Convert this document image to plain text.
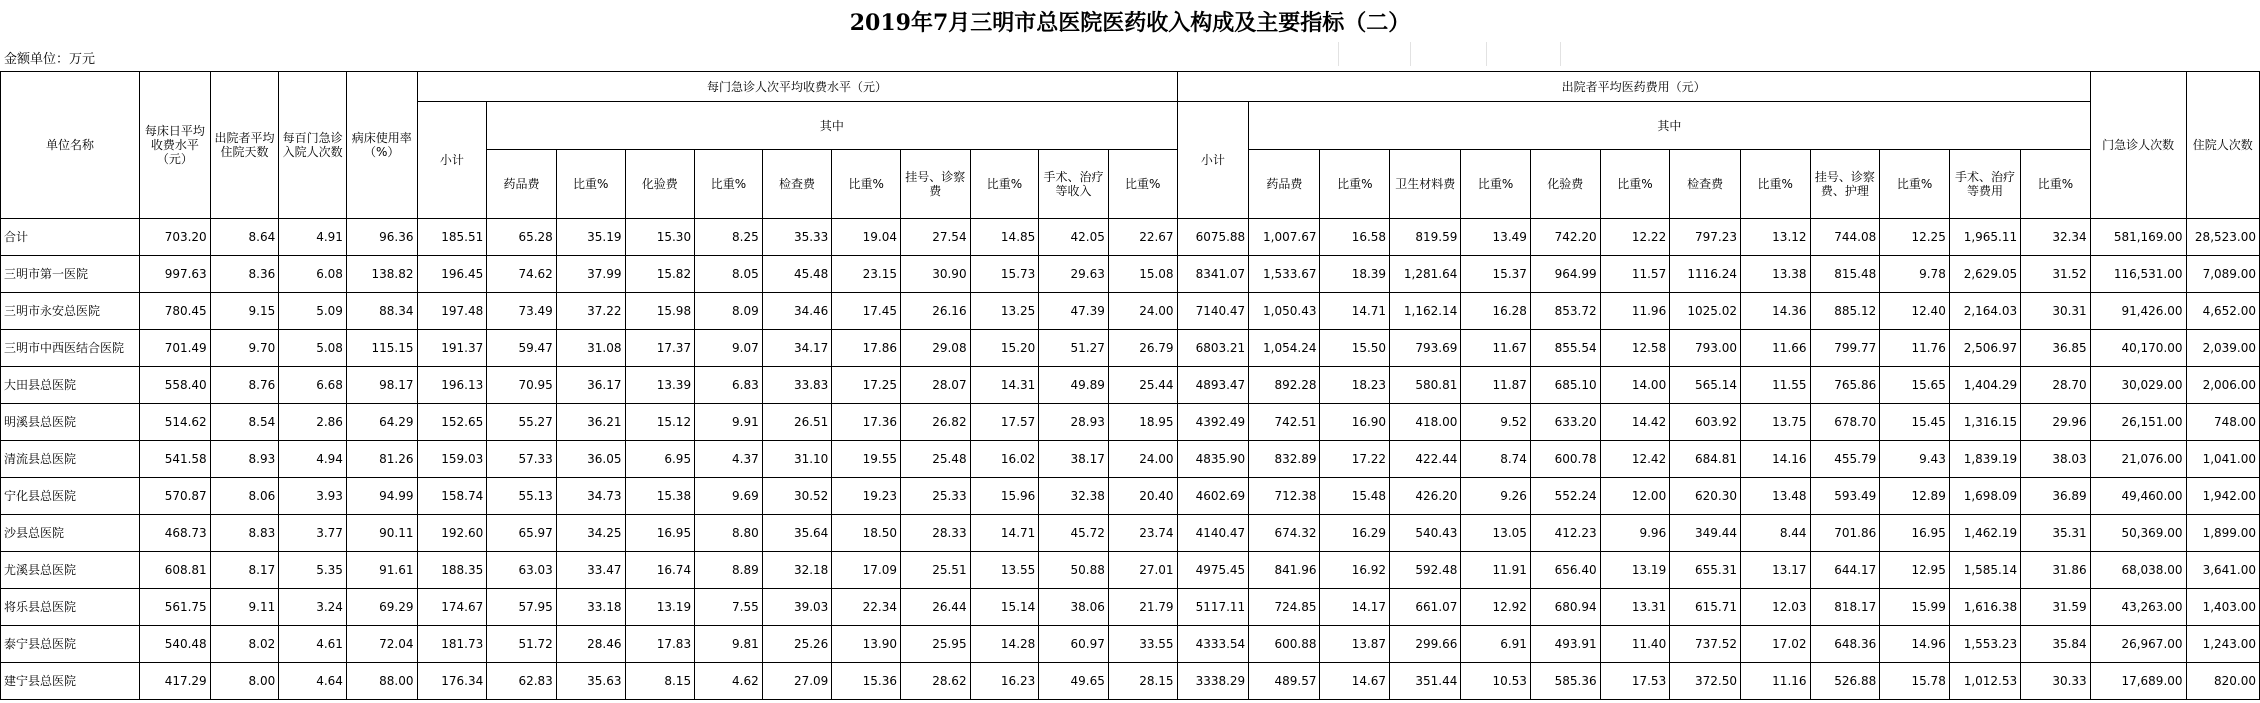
2019年7月三明市总医院医药收入构成及主要指标（二）
金额单位：万元
单位名称	每床日平均收费水平（元）	出院者平均住院天数	每百门急诊入院人次数	病床使用率（%）	每门急诊人次平均收费水平（元）											出院者平均医药费用（元）													门急诊人次数	住院人次数
					小计	其中										小计	其中													
						药品费	比重%	化验费	比重%	检查费	比重%	挂号、诊察费	比重%	手术、治疗等收入	比重%		药品费	比重%	卫生材料费	比重%	化验费	比重%	检查费	比重%	挂号、诊察费、护理	比重%	手术、治疗等费用	比重%		
合计	703.20	8.64	4.91	96.36	185.51	65.28	35.19	15.30	8.25	35.33	19.04	27.54	14.85	42.05	22.67	6075.88	1,007.67	16.58	819.59	13.49	742.20	12.22	797.23	13.12	744.08	12.25	1,965.11	32.34	581,169.00	28,523.00
三明市第一医院	997.63	8.36	6.08	138.82	196.45	74.62	37.99	15.82	8.05	45.48	23.15	30.90	15.73	29.63	15.08	8341.07	1,533.67	18.39	1,281.64	15.37	964.99	11.57	1116.24	13.38	815.48	9.78	2,629.05	31.52	116,531.00	7,089.00
三明市永安总医院	780.45	9.15	5.09	88.34	197.48	73.49	37.22	15.98	8.09	34.46	17.45	26.16	13.25	47.39	24.00	7140.47	1,050.43	14.71	1,162.14	16.28	853.72	11.96	1025.02	14.36	885.12	12.40	2,164.03	30.31	91,426.00	4,652.00
三明市中西医结合医院	701.49	9.70	5.08	115.15	191.37	59.47	31.08	17.37	9.07	34.17	17.86	29.08	15.20	51.27	26.79	6803.21	1,054.24	15.50	793.69	11.67	855.54	12.58	793.00	11.66	799.77	11.76	2,506.97	36.85	40,170.00	2,039.00
大田县总医院	558.40	8.76	6.68	98.17	196.13	70.95	36.17	13.39	6.83	33.83	17.25	28.07	14.31	49.89	25.44	4893.47	892.28	18.23	580.81	11.87	685.10	14.00	565.14	11.55	765.86	15.65	1,404.29	28.70	30,029.00	2,006.00
明溪县总医院	514.62	8.54	2.86	64.29	152.65	55.27	36.21	15.12	9.91	26.51	17.36	26.82	17.57	28.93	18.95	4392.49	742.51	16.90	418.00	9.52	633.20	14.42	603.92	13.75	678.70	15.45	1,316.15	29.96	26,151.00	748.00
清流县总医院	541.58	8.93	4.94	81.26	159.03	57.33	36.05	6.95	4.37	31.10	19.55	25.48	16.02	38.17	24.00	4835.90	832.89	17.22	422.44	8.74	600.78	12.42	684.81	14.16	455.79	9.43	1,839.19	38.03	21,076.00	1,041.00
宁化县总医院	570.87	8.06	3.93	94.99	158.74	55.13	34.73	15.38	9.69	30.52	19.23	25.33	15.96	32.38	20.40	4602.69	712.38	15.48	426.20	9.26	552.24	12.00	620.30	13.48	593.49	12.89	1,698.09	36.89	49,460.00	1,942.00
沙县总医院	468.73	8.83	3.77	90.11	192.60	65.97	34.25	16.95	8.80	35.64	18.50	28.33	14.71	45.72	23.74	4140.47	674.32	16.29	540.43	13.05	412.23	9.96	349.44	8.44	701.86	16.95	1,462.19	35.31	50,369.00	1,899.00
尤溪县总医院	608.81	8.17	5.35	91.61	188.35	63.03	33.47	16.74	8.89	32.18	17.09	25.51	13.55	50.88	27.01	4975.45	841.96	16.92	592.48	11.91	656.40	13.19	655.31	13.17	644.17	12.95	1,585.14	31.86	68,038.00	3,641.00
将乐县总医院	561.75	9.11	3.24	69.29	174.67	57.95	33.18	13.19	7.55	39.03	22.34	26.44	15.14	38.06	21.79	5117.11	724.85	14.17	661.07	12.92	680.94	13.31	615.71	12.03	818.17	15.99	1,616.38	31.59	43,263.00	1,403.00
泰宁县总医院	540.48	8.02	4.61	72.04	181.73	51.72	28.46	17.83	9.81	25.26	13.90	25.95	14.28	60.97	33.55	4333.54	600.88	13.87	299.66	6.91	493.91	11.40	737.52	17.02	648.36	14.96	1,553.23	35.84	26,967.00	1,243.00
建宁县总医院	417.29	8.00	4.64	88.00	176.34	62.83	35.63	8.15	4.62	27.09	15.36	28.62	16.23	49.65	28.15	3338.29	489.57	14.67	351.44	10.53	585.36	17.53	372.50	11.16	526.88	15.78	1,012.53	30.33	17,689.00	820.00
